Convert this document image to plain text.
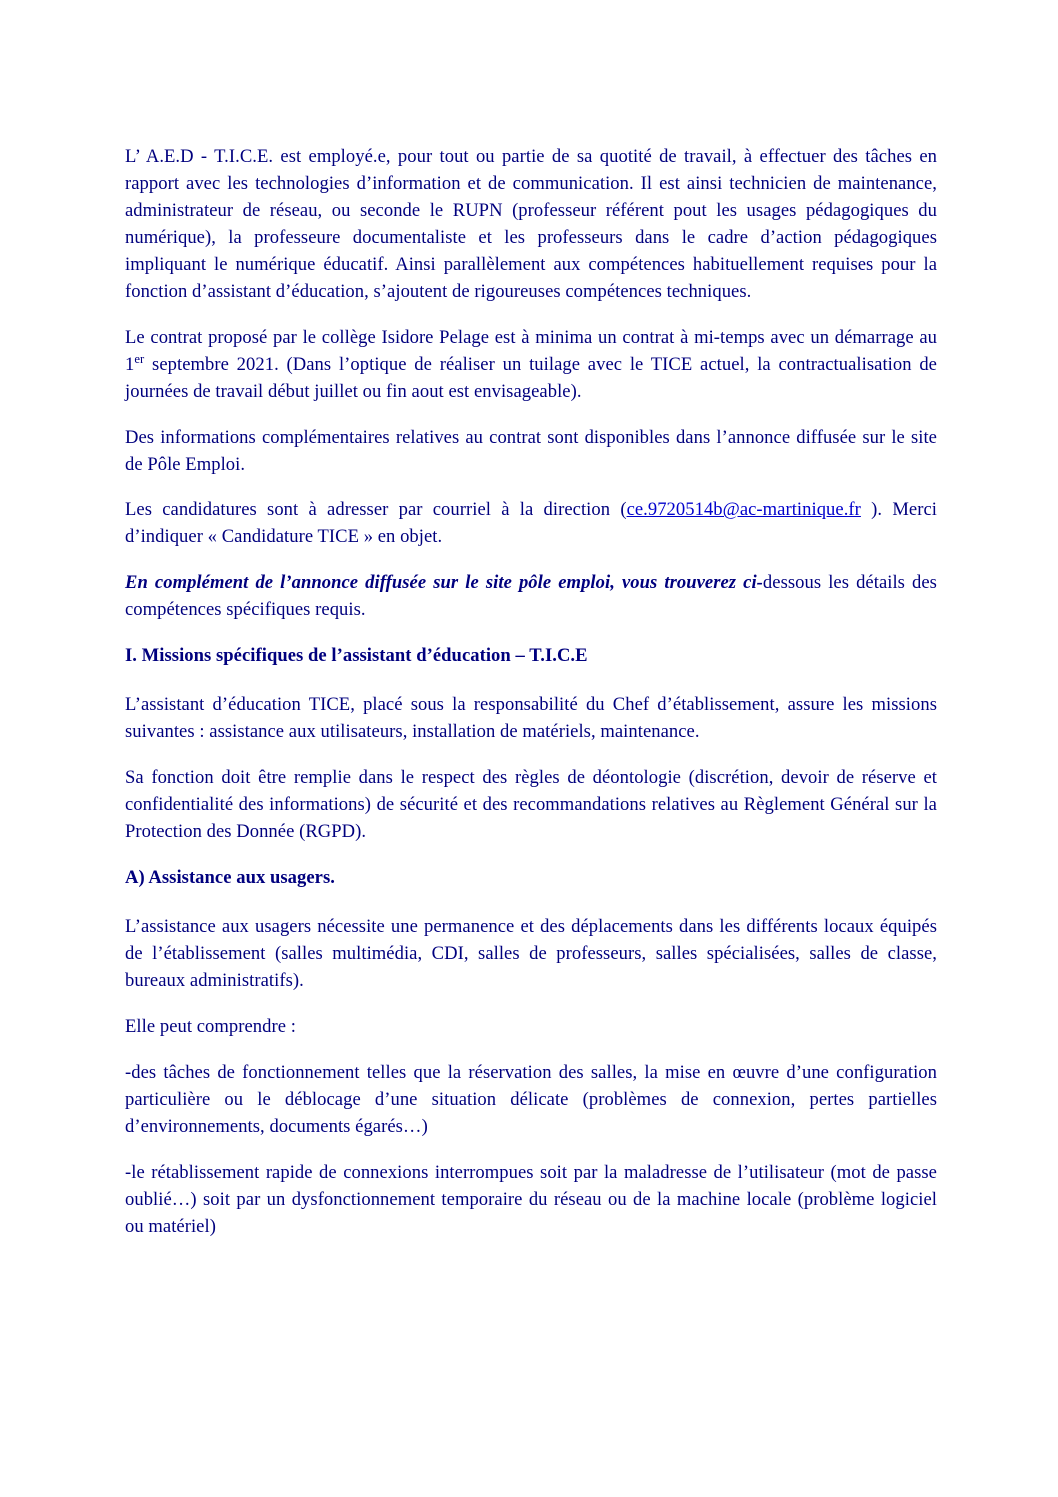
L’ A.E.D - T.I.C.E. est employé.e, pour tout ou partie de sa quotité de travail, à effectuer des tâches en rapport avec les technologies d’information et de communication. Il est ainsi technicien de maintenance, administrateur de réseau, ou seconde le RUPN (professeur référent pout les usages pédagogiques du numérique), la professeure documentaliste et les professeurs dans le cadre d’action pédagogiques impliquant le numérique éducatif. Ainsi parallèlement aux compétences habituellement requises pour la fonction d’assistant d’éducation, s’ajoutent de rigoureuses compétences techniques.

Le contrat proposé par le collège Isidore Pelage est à minima un contrat à mi-temps avec un démarrage au 1er septembre 2021. (Dans l’optique de réaliser un tuilage avec le TICE actuel, la contractualisation de journées de travail début juillet ou fin aout est envisageable).

Des informations complémentaires relatives au contrat sont disponibles dans l’annonce diffusée sur le site de Pôle Emploi.

Les candidatures sont à adresser par courriel à la direction (ce.9720514b@ac-martinique.fr ). Merci d’indiquer « Candidature TICE » en objet.

En complément de l’annonce diffusée sur le site pôle emploi, vous trouverez ci-dessous les détails des compétences spécifiques requis.

I. Missions spécifiques de l’assistant d’éducation – T.I.C.E

L’assistant d’éducation TICE, placé sous la responsabilité du Chef d’établissement, assure les missions suivantes : assistance aux utilisateurs, installation de matériels, maintenance.

Sa fonction doit être remplie dans le respect des règles de déontologie (discrétion, devoir de réserve et confidentialité des informations) de sécurité et des recommandations relatives au Règlement Général sur la Protection des Donnée (RGPD).

A) Assistance aux usagers.

L’assistance aux usagers nécessite une permanence et des déplacements dans les différents locaux équipés de l’établissement (salles multimédia, CDI, salles de professeurs, salles spécialisées, salles de classe, bureaux administratifs).

Elle peut comprendre :

-des tâches de fonctionnement telles que la réservation des salles, la mise en œuvre d’une configuration particulière ou le déblocage d’une situation délicate (problèmes de connexion, pertes partielles d’environnements, documents égarés…)

-le rétablissement rapide de connexions interrompues soit par la maladresse de l’utilisateur (mot de passe oublié…) soit par un dysfonctionnement temporaire du réseau ou de la machine locale (problème logiciel ou matériel)
